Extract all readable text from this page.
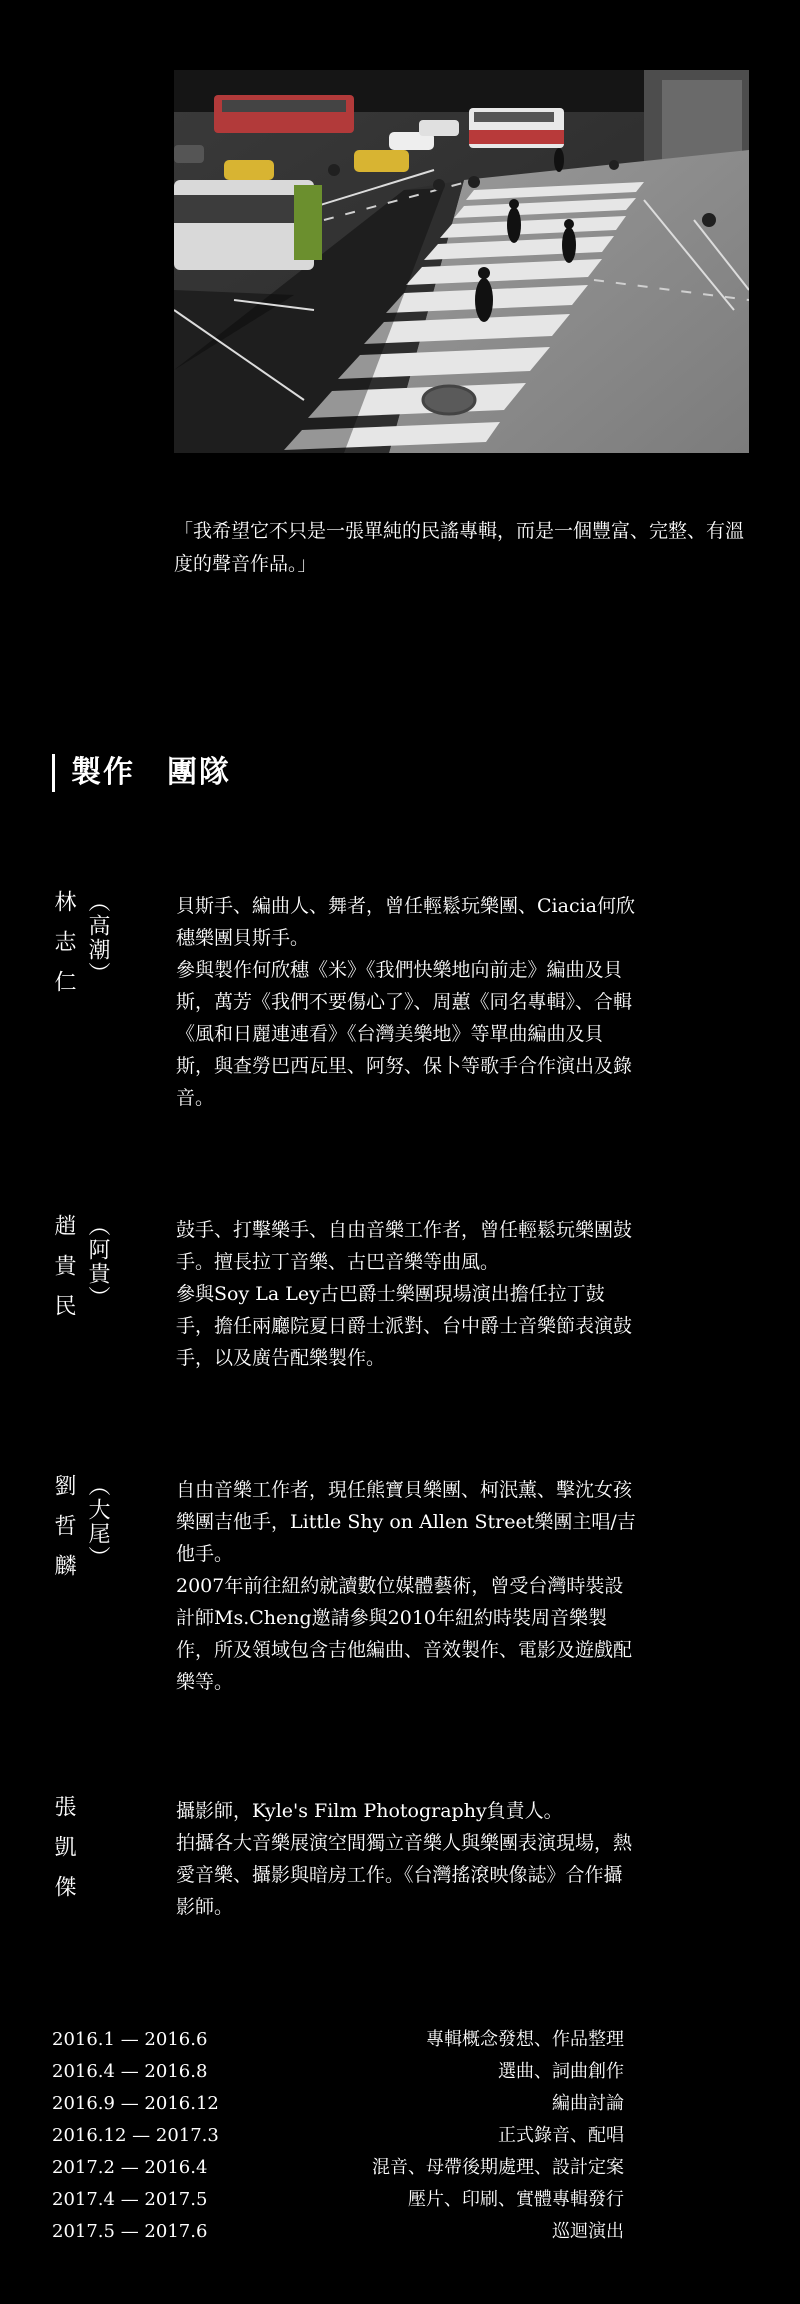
「我希望它不只是一張單純的民謠專輯，而是一個豐富、完整、有溫度的聲音作品。」

製作　團隊
林志仁 （高潮）	貝斯手、編曲人、舞者，曾任輕鬆玩樂團、Ciacia何欣穗樂團貝斯手。

參與製作何欣穗《米》《我們快樂地向前走》編曲及貝斯，萬芳《我們不要傷心了》、周蕙《同名專輯》、合輯《風和日麗連連看》《台灣美樂地》等單曲編曲及貝斯，與查勞巴西瓦里、阿努、保卜等歌手合作演出及錄音。

趙貴民 （阿貴）	鼓手、打擊樂手、自由音樂工作者，曾任輕鬆玩樂團鼓手。擅長拉丁音樂、古巴音樂等曲風。

參與Soy La Ley古巴爵士樂團現場演出擔任拉丁鼓手，擔任兩廳院夏日爵士派對、台中爵士音樂節表演鼓手，以及廣告配樂製作。

劉哲麟 （大尾）	自由音樂工作者，現任熊寶貝樂團、柯泯薰、擊沈女孩樂團吉他手，Little Shy on Allen Street樂團主唱/吉他手。

2007年前往紐約就讀數位媒體藝術，曾受台灣時裝設計師Ms.Cheng邀請參與2010年紐約時裝周音樂製作，所及領域包含吉他編曲、音效製作、電影及遊戲配樂等。

張凱傑	攝影師，Kyle's Film Photography負責人。

拍攝各大音樂展演空間獨立音樂人與樂團表演現場，熱愛音樂、攝影與暗房工作。《台灣搖滾映像誌》合作攝影師。

2016.1 — 2016.6	專輯概念發想、作品整理
2016.4 — 2016.8	選曲、詞曲創作
2016.9 — 2016.12	編曲討論
2016.12 — 2017.3	正式錄音、配唱
2017.2 — 2016.4	混音、母帶後期處理、設計定案
2017.4 — 2017.5	壓片、印刷、實體專輯發行
2017.5 — 2017.6	巡迴演出
